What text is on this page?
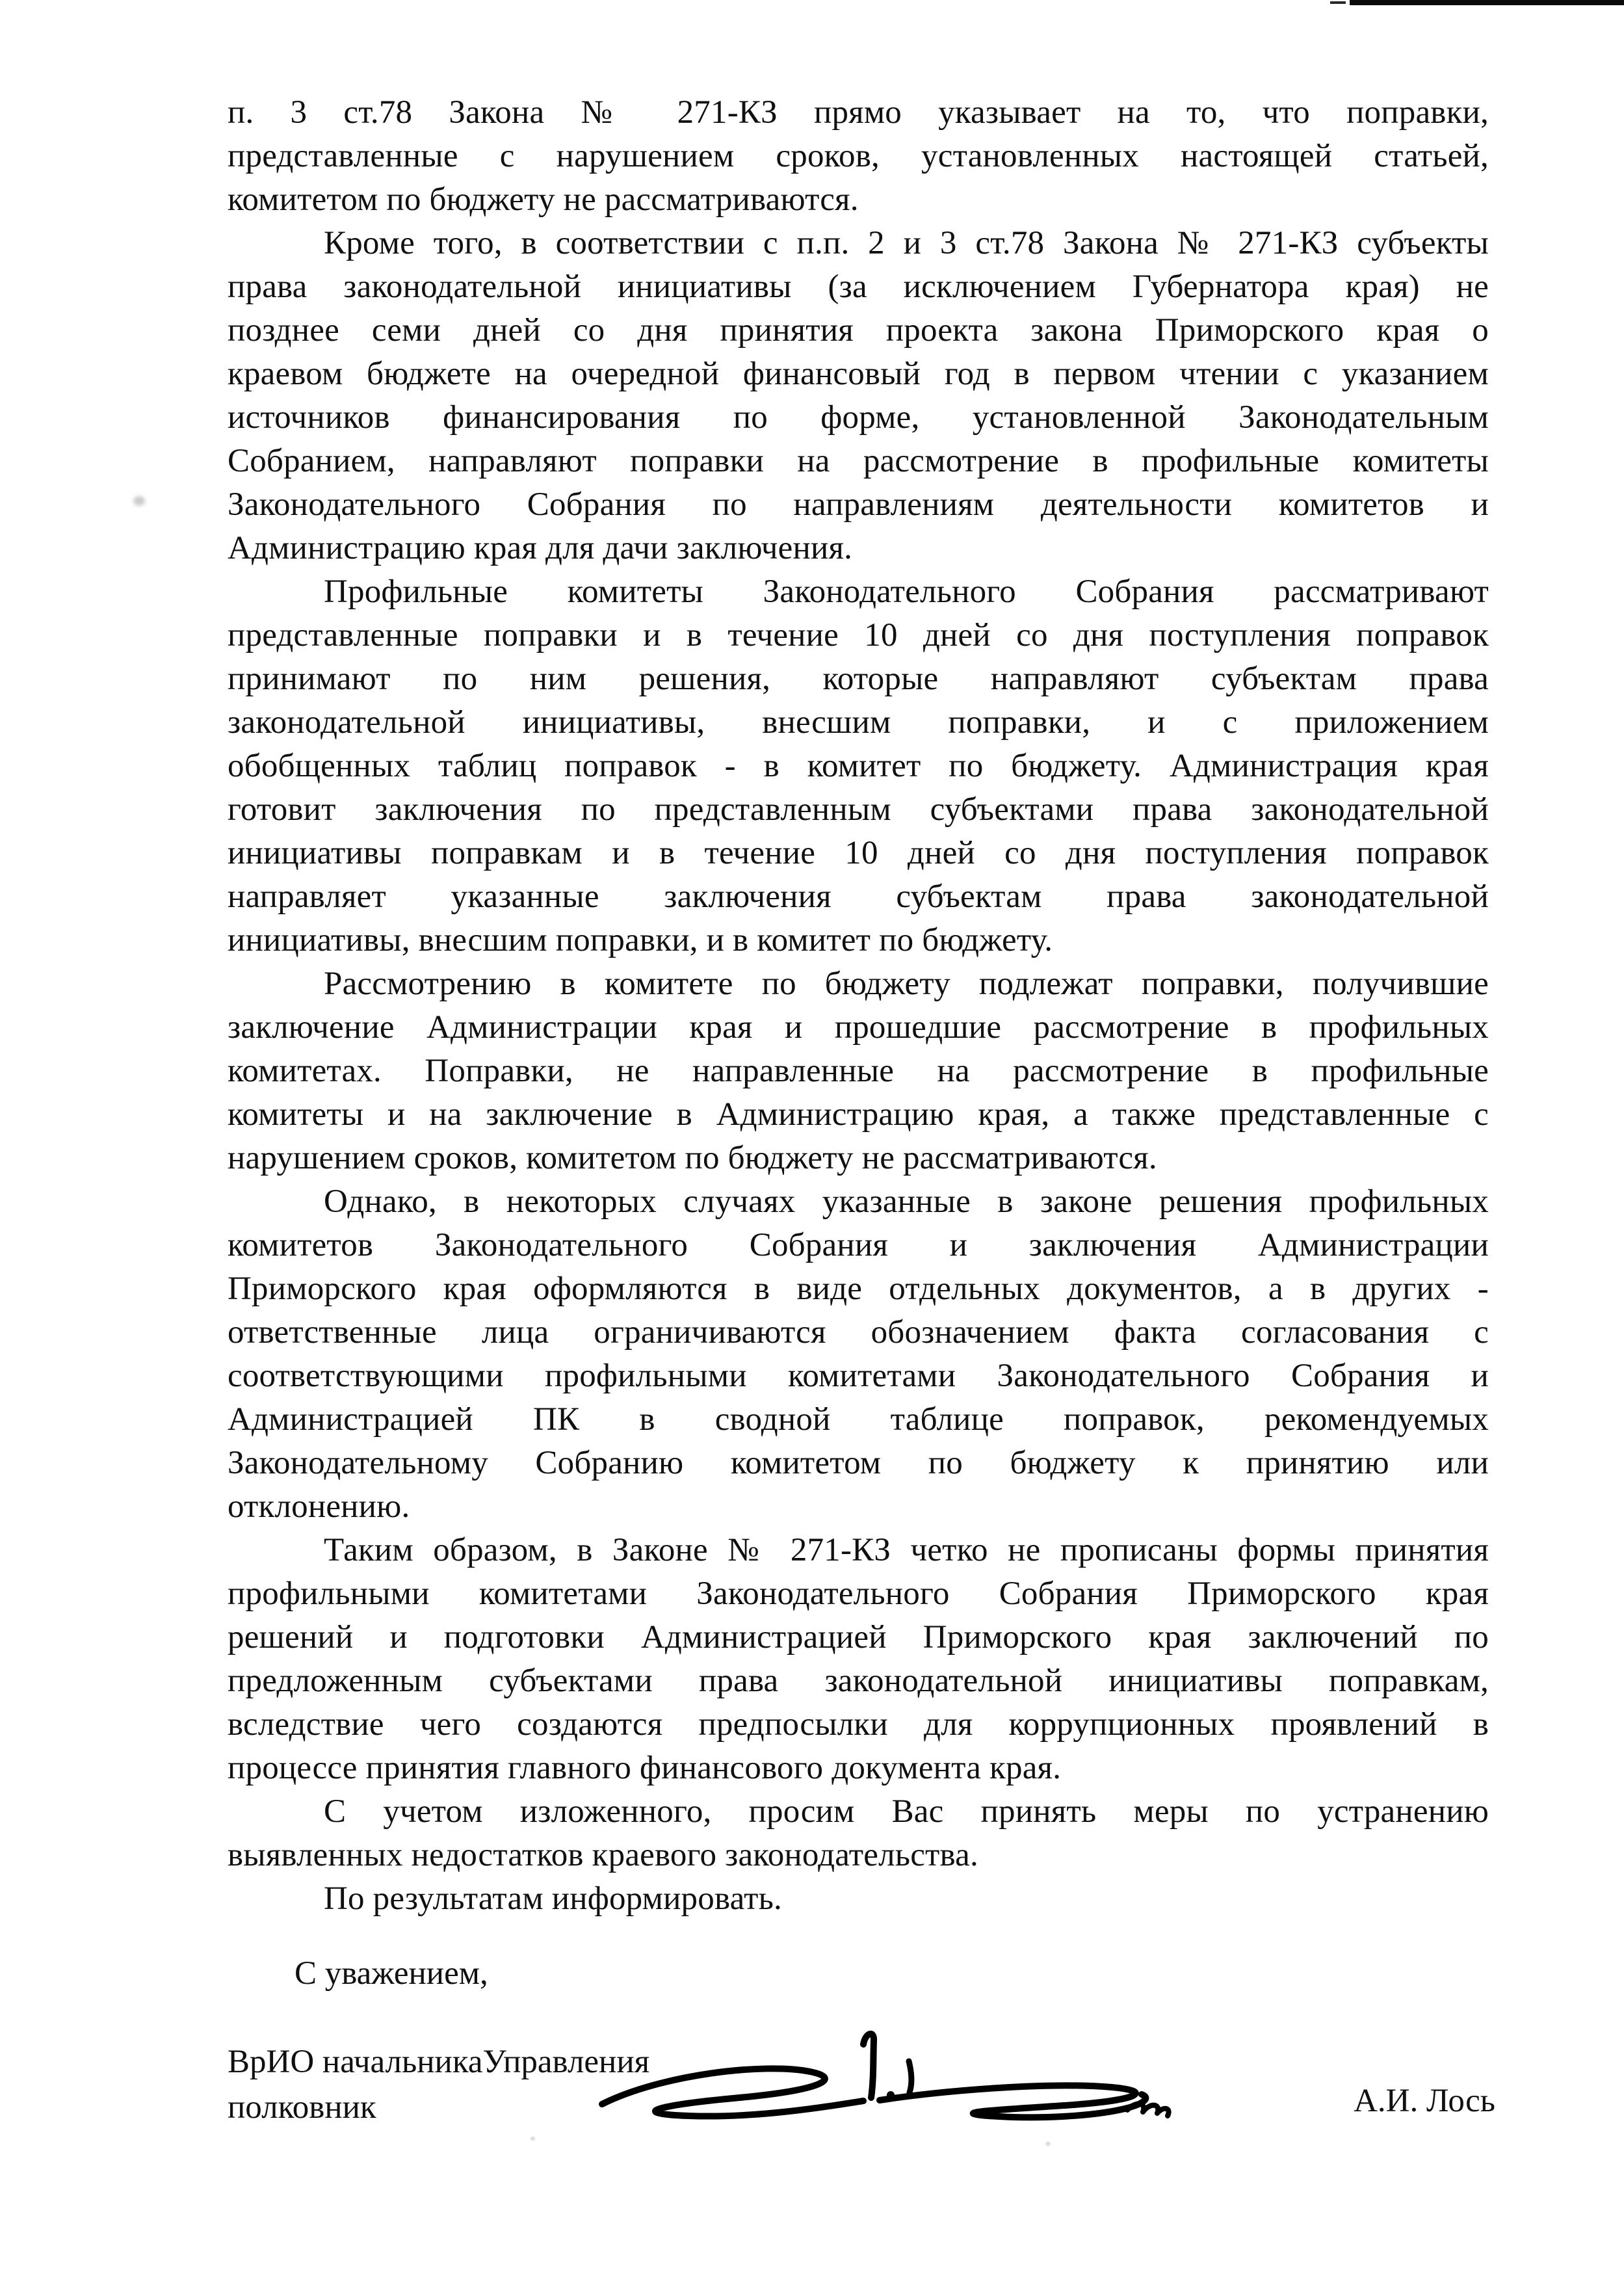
п. 3 ст.78 Закона № 271-КЗ прямо указывает на то, что поправки,
представленные с нарушением сроков, установленных настоящей статьей,
комитетом по бюджету не рассматриваются.
Кроме того, в соответствии с п.п. 2 и 3 ст.78 Закона № 271-КЗ субъекты
права законодательной инициативы (за исключением Губернатора края) не
позднее семи дней со дня принятия проекта закона Приморского края о
краевом бюджете на очередной финансовый год в первом чтении с указанием
источников финансирования по форме, установленной Законодательным
Собранием, направляют поправки на рассмотрение в профильные комитеты
Законодательного Собрания по направлениям деятельности комитетов и
Администрацию края для дачи заключения.
Профильные комитеты Законодательного Собрания рассматривают
представленные поправки и в течение 10 дней со дня поступления поправок
принимают по ним решения, которые направляют субъектам права
законодательной инициативы, внесшим поправки, и с приложением
обобщенных таблиц поправок - в комитет по бюджету. Администрация края
готовит заключения по представленным субъектами права законодательной
инициативы поправкам и в течение 10 дней со дня поступления поправок
направляет указанные заключения субъектам права законодательной
инициативы, внесшим поправки, и в комитет по бюджету.
Рассмотрению в комитете по бюджету подлежат поправки, получившие
заключение Администрации края и прошедшие рассмотрение в профильных
комитетах. Поправки, не направленные на рассмотрение в профильные
комитеты и на заключение в Администрацию края, а также представленные с
нарушением сроков, комитетом по бюджету не рассматриваются.
Однако, в некоторых случаях указанные в законе решения профильных
комитетов Законодательного Собрания и заключения Администрации
Приморского края оформляются в виде отдельных документов, а в других -
ответственные лица ограничиваются обозначением факта согласования с
соответствующими профильными комитетами Законодательного Собрания и
Администрацией ПК в сводной таблице поправок, рекомендуемых
Законодательному Собранию комитетом по бюджету к принятию или
отклонению.
Таким образом, в Законе № 271-КЗ четко не прописаны формы принятия
профильными комитетами Законодательного Собрания Приморского края
решений и подготовки Администрацией Приморского края заключений по
предложенным субъектами права законодательной инициативы поправкам,
вследствие чего создаются предпосылки для коррупционных проявлений в
процессе принятия главного финансового документа края.
С учетом изложенного, просим Вас принять меры по устранению
выявленных недостатков краевого законодательства.
По результатам информировать.
С уважением,
ВрИО начальникаУправления
полковник	А.И. Лось
